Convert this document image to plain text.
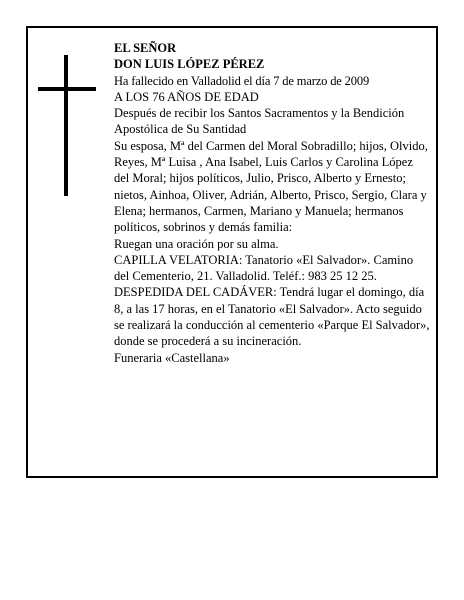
EL SEÑOR

DON LUIS LÓPEZ PÉREZ

Ha fallecido en Valladolid el día 7 de marzo de 2009

A LOS 76 AÑOS DE EDAD

Después de recibir los Santos Sacramentos y la Bendición Apostólica de Su Santidad

Su esposa, Mª del Carmen del Moral Sobradillo; hijos, Olvido, Reyes, Mª Luisa , Ana Isabel, Luis Carlos y Carolina López del Moral; hijos políticos, Julio, Prisco, Alberto y Ernesto; nietos, Ainhoa, Oliver, Adrián, Alberto, Prisco, Sergio, Clara y Elena; hermanos, Carmen, Mariano y Manuela; hermanos políticos, sobrinos y demás familia:

Ruegan una oración por su alma.

CAPILLA VELATORIA: Tanatorio «El Salvador». Camino del Cementerio, 21. Valladolid. Teléf.: 983 25 12 25.

DESPEDIDA DEL CADÁVER: Tendrá lugar el domingo, día 8, a las 17 horas, en el Tanatorio «El Salvador». Acto seguido se realizará la conducción al cementerio «Parque El Salvador», donde se procederá a su incineración.

Funeraria «Castellana»
